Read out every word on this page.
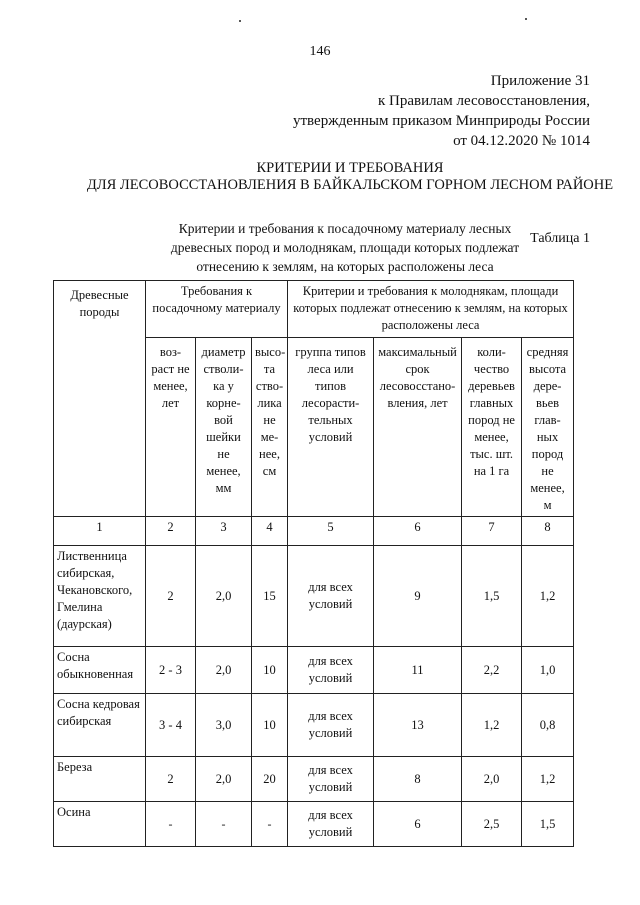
146
Приложение 31
к Правилам лесовосстановления,
утвержденным приказом Минприроды России
от 04.12.2020 № 1014
КРИТЕРИИ И ТРЕБОВАНИЯ
ДЛЯ ЛЕСОВОССТАНОВЛЕНИЯ В БАЙКАЛЬСКОМ ГОРНОМ ЛЕСНОМ РАЙОНЕ
Критерии и требования к посадочному материалу лесных
древесных пород и молоднякам, площади которых подлежат
отнесению к землям, на которых расположены леса
Таблица 1
Древесные породы	Требования к посадочному материалу			Критерии и требования к молоднякам, площади которых подлежат отнесению к землям, на которых расположены леса			
	воз-раст не менее, лет	диаметр стволи-ка у корне-вой шейки не менее, мм	высо-та ство-лика не ме-нее, см	группа типов леса или типов лесорасти-тельных условий	максимальный срок лесовосстано-вления, лет	коли-чество деревьев главных пород не менее, тыс. шт. на 1 га	средняя высота дере-вьев глав-ных пород не менее, м
1	2	3	4	5	6	7	8
Лиственница сибирская, Чекановского, Гмелина (даурская)	2	2,0	15	для всех условий	9	1,5	1,2
Сосна обыкновенная	2 - 3	2,0	10	для всех условий	11	2,2	1,0
Сосна кедровая сибирская	3 - 4	3,0	10	для всех условий	13	1,2	0,8
Береза	2	2,0	20	для всех условий	8	2,0	1,2
Осина	-	-	-	для всех условий	6	2,5	1,5
